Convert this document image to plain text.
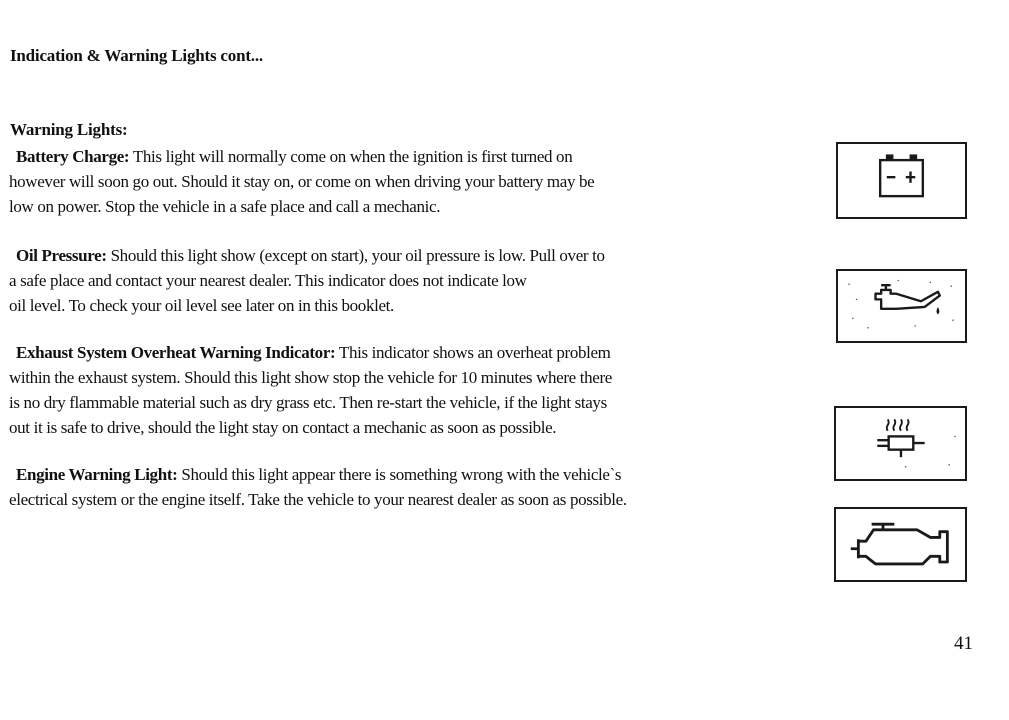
Indication & Warning Lights cont...
Warning Lights:
Battery Charge: This light will normally come on when the ignition is first turned on
however will soon go out. Should it stay on, or come on when driving your battery may be
low on power. Stop the vehicle in a safe place and call a mechanic.
Oil Pressure: Should this light show (except on start), your oil pressure is low. Pull over to
a safe place and contact your nearest dealer. This indicator does not indicate low
oil level. To check your oil level see later on in this booklet.
Exhaust System Overheat Warning Indicator: This indicator shows an overheat problem
within the exhaust system. Should this light show stop the vehicle for 10 minutes where there
is no dry flammable material such as dry grass etc. Then re-start the vehicle, if the light stays
out it is safe to drive, should the light stay on contact a mechanic as soon as possible.
Engine Warning Light: Should this light appear there is something wrong with the vehicle`s
electrical system or the engine itself. Take the vehicle to your nearest dealer as soon as possible.
41
